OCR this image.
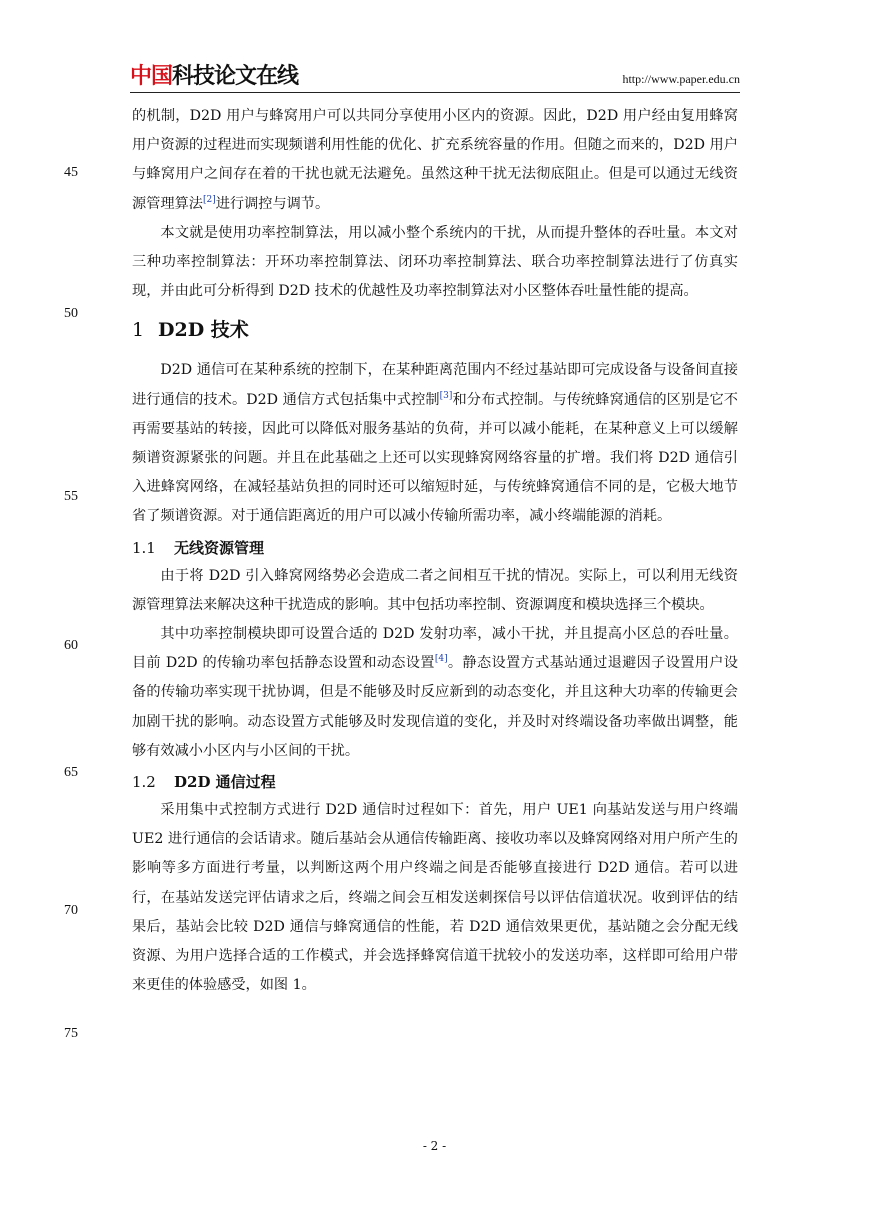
中国 科技论文在线	http://www.paper.edu.cn
45
50
55
60
65
70
75

的机制，D2D 用户与蜂窝用户可以共同分享使用小区内的资源。因此，D2D 用户经由复用蜂窝用户资源的过程进而实现频谱利用性能的优化、扩充系统容量的作用。但随之而来的，D2D 用户与蜂窝用户之间存在着的干扰也就无法避免。虽然这种干扰无法彻底阻止。但是可以通过无线资源管理算法[2]进行调控与调节。

本文就是使用功率控制算法，用以减小整个系统内的干扰，从而提升整体的吞吐量。本文对三种功率控制算法：开环功率控制算法、闭环功率控制算法、联合功率控制算法进行了仿真实现，并由此可分析得到 D2D 技术的优越性及功率控制算法对小区整体吞吐量性能的提高。

1 D2D 技术

D2D 通信可在某种系统的控制下，在某种距离范围内不经过基站即可完成设备与设备间直接进行通信的技术。D2D 通信方式包括集中式控制[3]和分布式控制。与传统蜂窝通信的区别是它不再需要基站的转接，因此可以降低对服务基站的负荷，并可以减小能耗，在某种意义上可以缓解频谱资源紧张的问题。并且在此基础之上还可以实现蜂窝网络容量的扩增。我们将 D2D 通信引入进蜂窝网络，在减轻基站负担的同时还可以缩短时延，与传统蜂窝通信不同的是，它极大地节省了频谱资源。对于通信距离近的用户可以减小传输所需功率，减小终端能源的消耗。

1.1 无线资源管理

由于将 D2D 引入蜂窝网络势必会造成二者之间相互干扰的情况。实际上，可以利用无线资源管理算法来解决这种干扰造成的影响。其中包括功率控制、资源调度和模块选择三个模块。

其中功率控制模块即可设置合适的 D2D 发射功率，减小干扰，并且提高小区总的吞吐量。目前 D2D 的传输功率包括静态设置和动态设置[4]。静态设置方式基站通过退避因子设置用户设备的传输功率实现干扰协调，但是不能够及时反应新到的动态变化，并且这种大功率的传输更会加剧干扰的影响。动态设置方式能够及时发现信道的变化，并及时对终端设备功率做出调整，能够有效减小小区内与小区间的干扰。

1.2 D2D 通信过程

采用集中式控制方式进行 D2D 通信时过程如下：首先，用户 UE1 向基站发送与用户终端 UE2 进行通信的会话请求。随后基站会从通信传输距离、接收功率以及蜂窝网络对用户所产生的影响等多方面进行考量，以判断这两个用户终端之间是否能够直接进行 D2D 通信。若可以进行，在基站发送完评估请求之后，终端之间会互相发送刺探信号以评估信道状况。收到评估的结果后，基站会比较 D2D 通信与蜂窝通信的性能，若 D2D 通信效果更优，基站随之会分配无线资源、为用户选择合适的工作模式，并会选择蜂窝信道干扰较小的发送功率，这样即可给用户带来更佳的体验感受，如图 1。

- 2 -
